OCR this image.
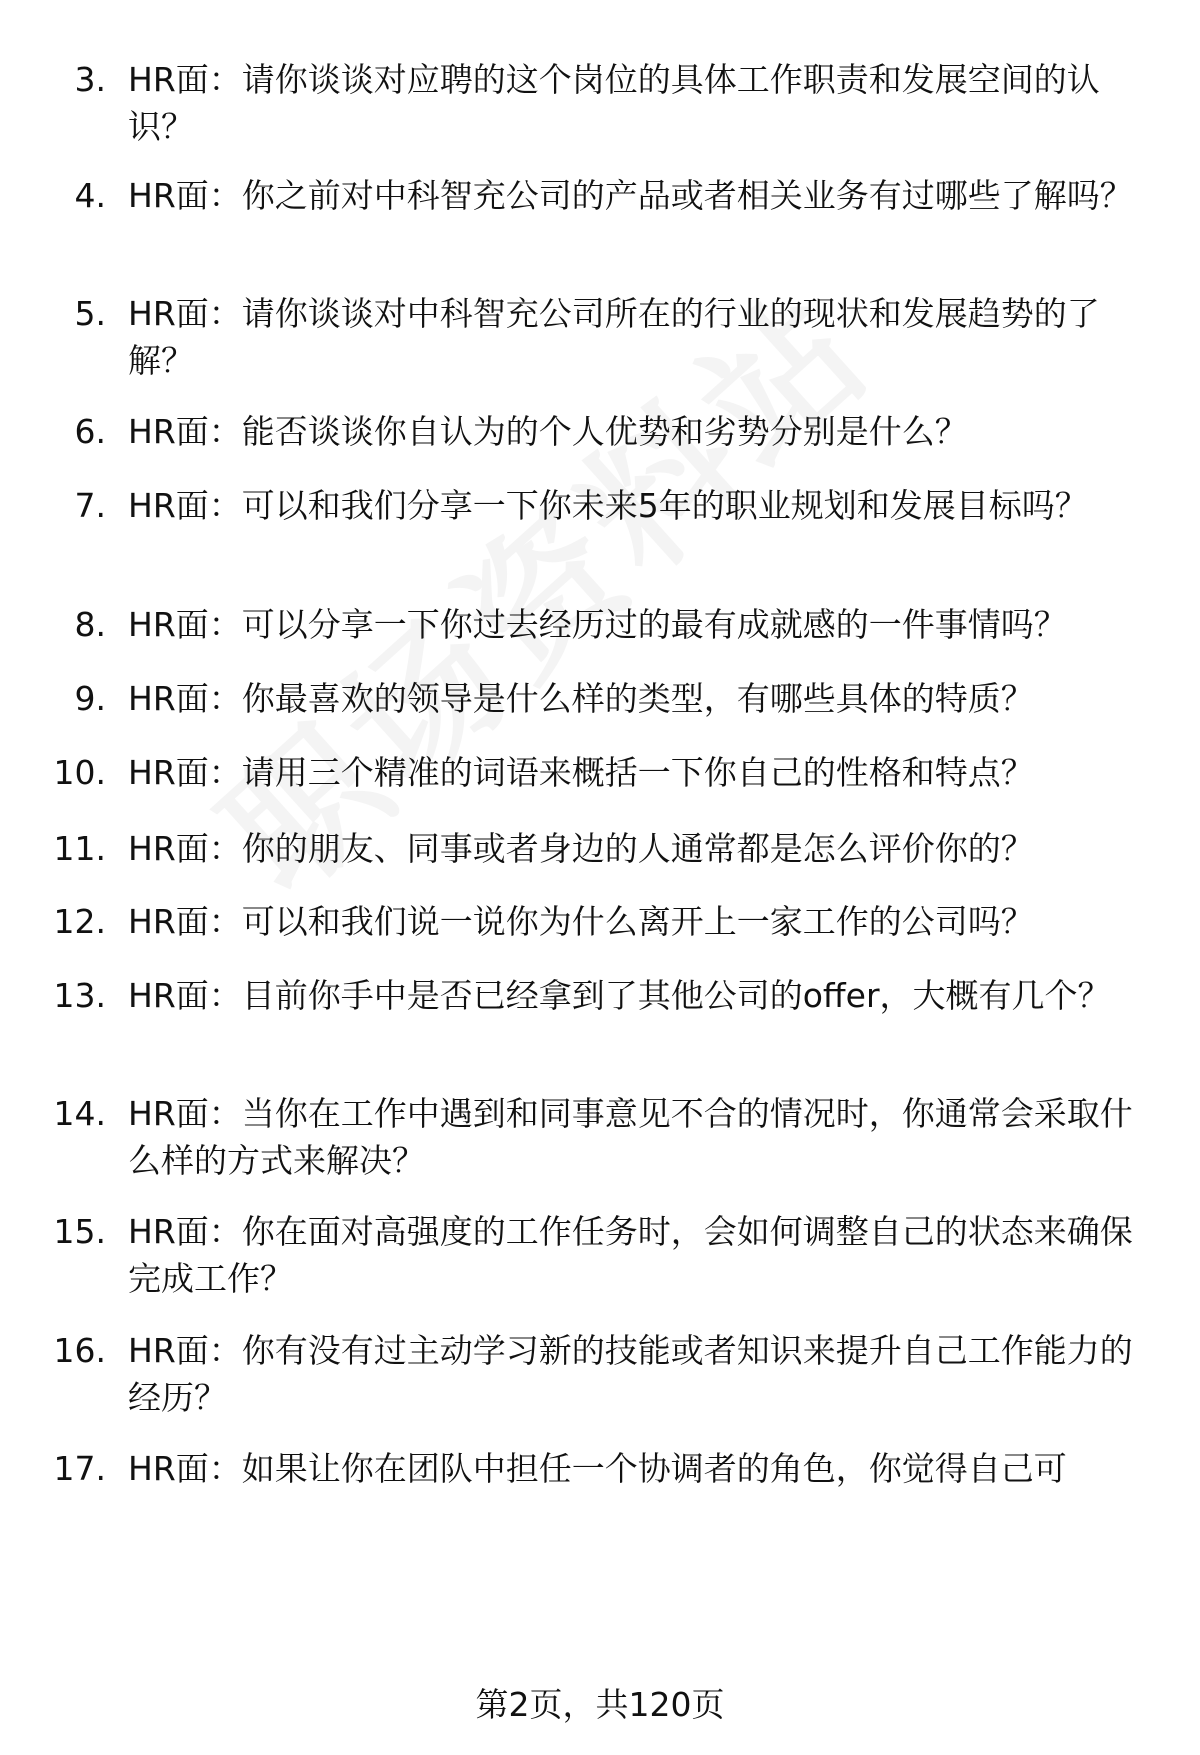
3. HR面：请你谈谈对应聘的这个岗位的具体工作职责和发展空间的认识？
4. HR面：你之前对中科智充公司的产品或者相关业务有过哪些了解吗？
5. HR面：请你谈谈对中科智充公司所在的行业的现状和发展趋势的了解？
6. HR面：能否谈谈你自认为的个人优势和劣势分别是什么？
7. HR面：可以和我们分享一下你未来5年的职业规划和发展目标吗？
8. HR面：可以分享一下你过去经历过的最有成就感的一件事情吗？
9. HR面：你最喜欢的领导是什么样的类型，有哪些具体的特质？
10. HR面：请用三个精准的词语来概括一下你自己的性格和特点？
11. HR面：你的朋友、同事或者身边的人通常都是怎么评价你的？
12. HR面：可以和我们说一说你为什么离开上一家工作的公司吗？
13. HR面：目前你手中是否已经拿到了其他公司的offer，大概有几个？
14. HR面：当你在工作中遇到和同事意见不合的情况时，你通常会采取什么样的方式来解决？
15. HR面：你在面对高强度的工作任务时，会如何调整自己的状态来确保完成工作？
16. HR面：你有没有过主动学习新的技能或者知识来提升自己工作能力的经历？
17. HR面：如果让你在团队中担任一个协调者的角色，你觉得自己可
第2页，共120页
